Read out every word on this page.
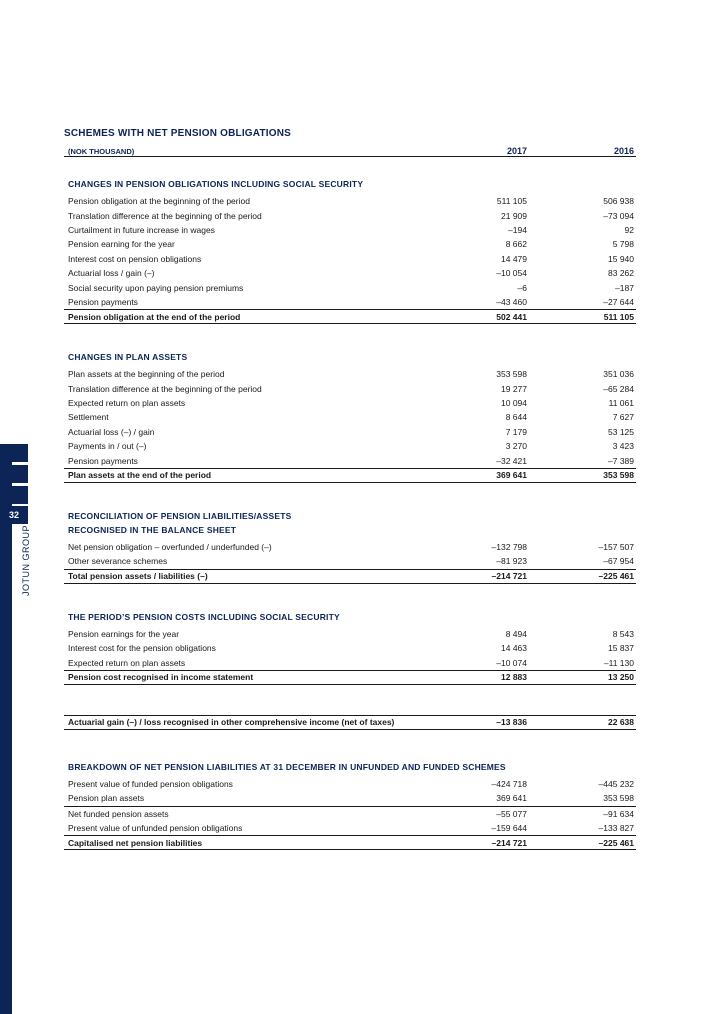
32
JOTUN GROUP
SCHEMES WITH NET PENSION OBLIGATIONS
(NOK THOUSAND)	2017	2016
CHANGES IN PENSION OBLIGATIONS INCLUDING SOCIAL SECURITY
Pension obligation at the beginning of the period	511 105	506 938
Translation difference at the beginning of the period	21 909	–73 094
Curtailment in future increase in wages	–194	92
Pension earning for the year	8 662	5 798
Interest cost on pension obligations	14 479	15 940
Actuarial loss / gain (–)	–10 054	83 262
Social security upon paying pension premiums	–6	–187
Pension payments	–43 460	–27 644
Pension obligation at the end of the period	502 441	511 105
CHANGES IN PLAN ASSETS
Plan assets at the beginning of the period	353 598	351 036
Translation difference at the beginning of the period	19 277	–65 284
Expected return on plan assets	10 094	11 061
Settlement	8 644	7 627
Actuarial loss (–) / gain	7 179	53 125
Payments in / out (–)	3 270	3 423
Pension payments	–32 421	–7 389
Plan assets at the end of the period	369 641	353 598
RECONCILIATION OF PENSION LIABILITIES/ASSETS
RECOGNISED IN THE BALANCE SHEET
Net pension obligation – overfunded / underfunded (–)	–132 798	–157 507
Other severance schemes	–81 923	–67 954
Total pension assets / liabilities (–)	–214 721	–225 461
THE PERIOD’S PENSION COSTS INCLUDING SOCIAL SECURITY
Pension earnings for the year	8 494	8 543
Interest cost for the pension obligations	14 463	15 837
Expected return on plan assets	–10 074	–11 130
Pension cost recognised in income statement	12 883	13 250
Actuarial gain (–) / loss recognised in other comprehensive income (net of taxes)	–13 836	22 638
BREAKDOWN OF NET PENSION LIABILITIES AT 31 DECEMBER IN UNFUNDED AND FUNDED SCHEMES
Present value of funded pension obligations	–424 718	–445 232
Pension plan assets	369 641	353 598
Net funded pension assets	–55 077	–91 634
Present value of unfunded pension obligations	–159 644	–133 827
Capitalised net pension liabilities	–214 721	–225 461
